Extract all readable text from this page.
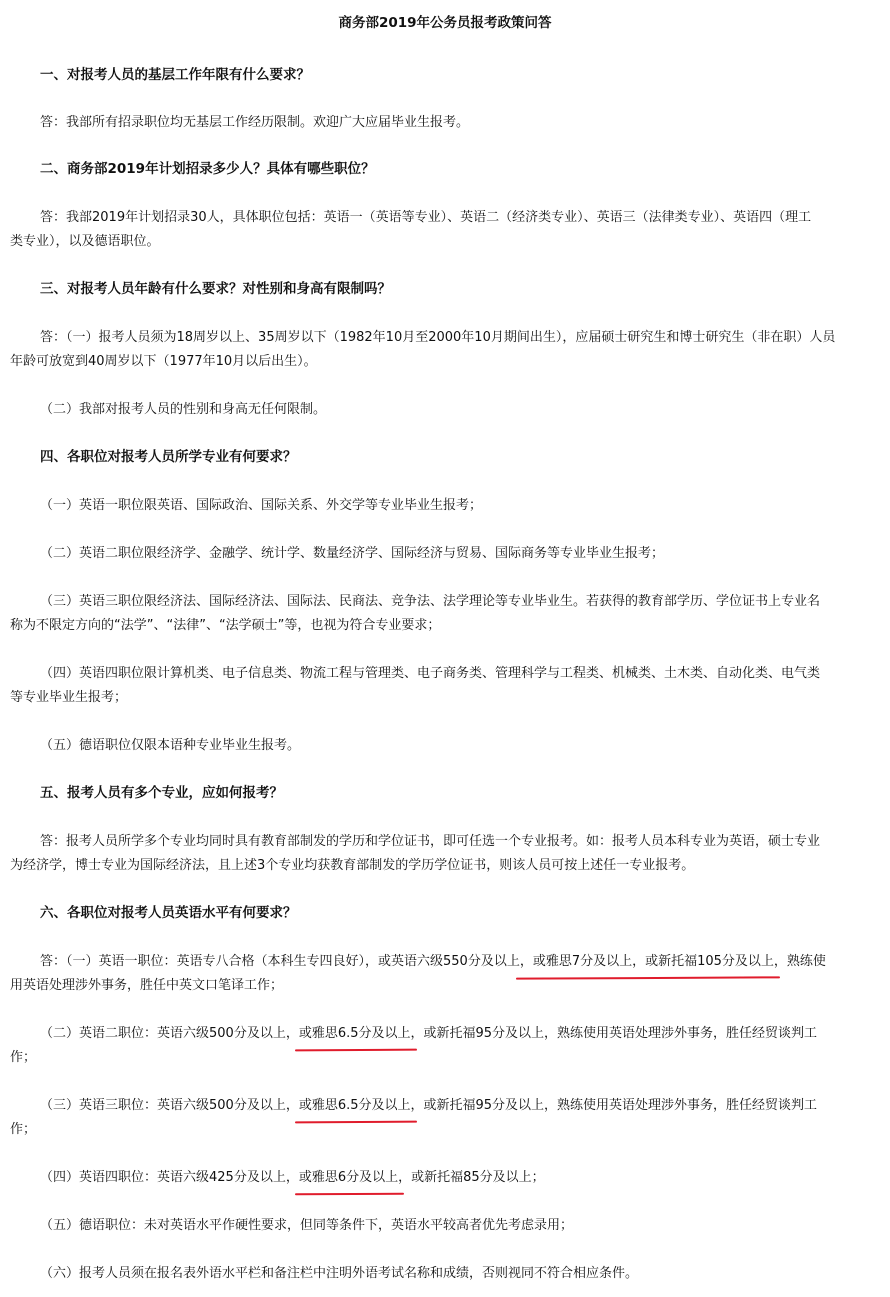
商务部2019年公务员报考政策问答
一、对报考人员的基层工作年限有什么要求？
答：我部所有招录职位均无基层工作经历限制。欢迎广大应届毕业生报考。
二、商务部2019年计划招录多少人？具体有哪些职位？
答：我部2019年计划招录30人，具体职位包括：英语一（英语等专业）、英语二（经济类专业）、英语三（法律类专业）、英语四（理工
类专业），以及德语职位。
三、对报考人员年龄有什么要求？对性别和身高有限制吗？
答：（一）报考人员须为18周岁以上、35周岁以下（1982年10月至2000年10月期间出生），应届硕士研究生和博士研究生（非在职）人员
年龄可放宽到40周岁以下（1977年10月以后出生）。
（二）我部对报考人员的性别和身高无任何限制。
四、各职位对报考人员所学专业有何要求？
（一）英语一职位限英语、国际政治、国际关系、外交学等专业毕业生报考；
（二）英语二职位限经济学、金融学、统计学、数量经济学、国际经济与贸易、国际商务等专业毕业生报考；
（三）英语三职位限经济法、国际经济法、国际法、民商法、竞争法、法学理论等专业毕业生。若获得的教育部学历、学位证书上专业名
称为不限定方向的“法学”、“法律”、“法学硕士”等，也视为符合专业要求；
（四）英语四职位限计算机类、电子信息类、物流工程与管理类、电子商务类、管理科学与工程类、机械类、土木类、自动化类、电气类
等专业毕业生报考；
（五）德语职位仅限本语种专业毕业生报考。
五、报考人员有多个专业，应如何报考？
答：报考人员所学多个专业均同时具有教育部制发的学历和学位证书，即可任选一个专业报考。如：报考人员本科专业为英语，硕士专业
为经济学，博士专业为国际经济法，且上述3个专业均获教育部制发的学历学位证书，则该人员可按上述任一专业报考。
六、各职位对报考人员英语水平有何要求？
答：（一）英语一职位：英语专八合格（本科生专四良好），或英语六级550分及以上，或雅思7分及以上，或新托福105分及以上，熟练使
用英语处理涉外事务，胜任中英文口笔译工作；
（二）英语二职位：英语六级500分及以上，或雅思6.5分及以上，或新托福95分及以上，熟练使用英语处理涉外事务，胜任经贸谈判工
作；
（三）英语三职位：英语六级500分及以上，或雅思6.5分及以上，或新托福95分及以上，熟练使用英语处理涉外事务，胜任经贸谈判工
作；
（四）英语四职位：英语六级425分及以上，或雅思6分及以上，或新托福85分及以上；
（五）德语职位：未对英语水平作硬性要求，但同等条件下，英语水平较高者优先考虑录用；
（六）报考人员须在报名表外语水平栏和备注栏中注明外语考试名称和成绩，否则视同不符合相应条件。
